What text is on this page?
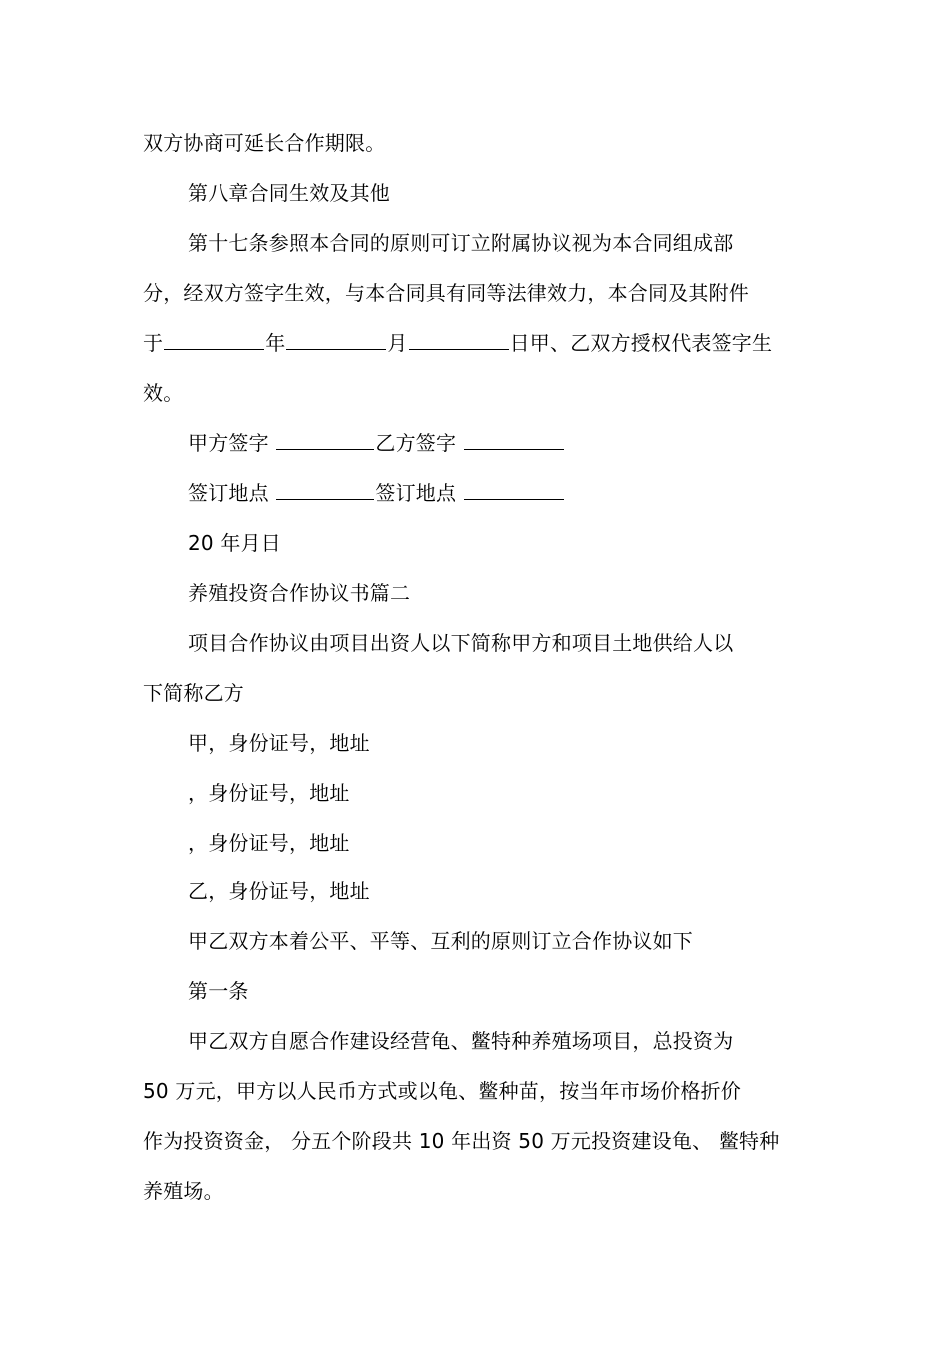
双方协商可延长合作期限。
第八章合同生效及其他
第十七条参照本合同的原则可订立附属协议视为本合同组成部
分，经双方签字生效，与本合同具有同等法律效力，本合同及其附件
于	年	月	日甲、乙双方授权代表签字生
效。
甲方签字	乙方签字
签订地点	签订地点
20 年月日
养殖投资合作协议书篇二
项目合作协议由项目出资人以下简称甲方和项目土地供给人以
下简称乙方
甲，身份证号，地址
，身份证号，地址
，身份证号，地址
乙，身份证号，地址
甲乙双方本着公平、平等、互利的原则订立合作协议如下
第一条
甲乙双方自愿合作建设经营龟、鳖特种养殖场项目，总投资为
50 万元，甲方以人民币方式或以龟、鳖种苗，按当年市场价格折价
作为投资资金， 分五个阶段共 10 年出资 50 万元投资建设龟、 鳖特种
养殖场。
